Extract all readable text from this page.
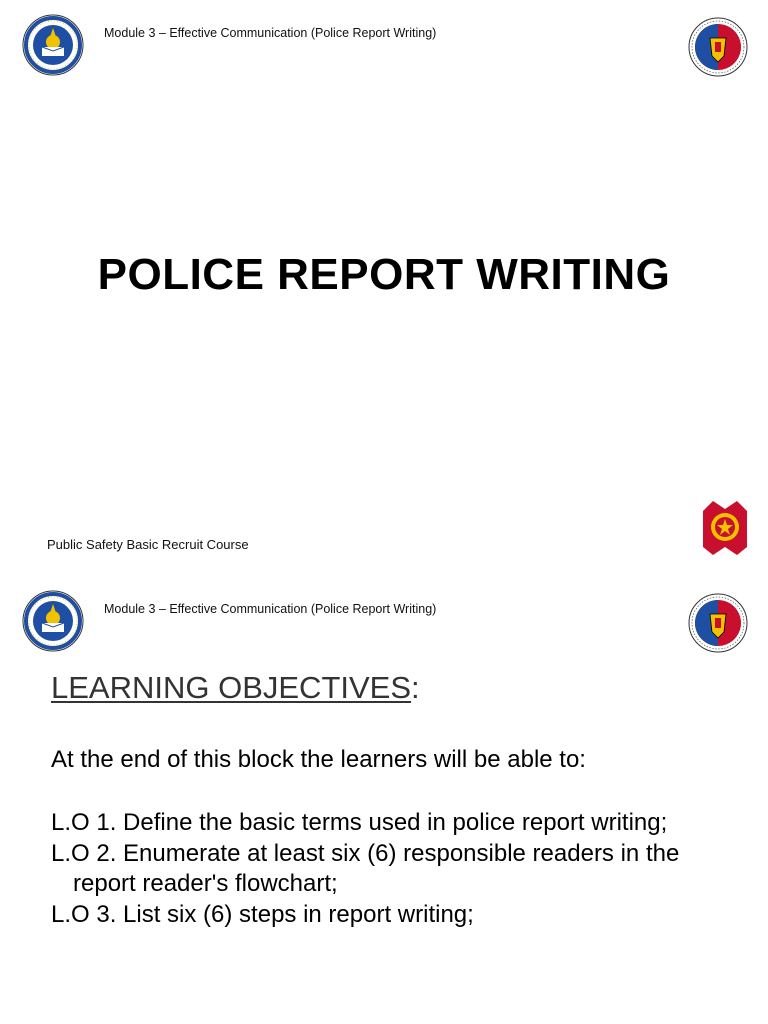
Module 3 – Effective Communication (Police Report Writing)
POLICE REPORT WRITING
Public Safety Basic Recruit Course
Module 3 – Effective Communication (Police Report Writing)
LEARNING OBJECTIVES:
At the end of this block the learners will be able to:
L.O 1. Define the basic terms used in police report writing;
L.O 2. Enumerate at least six (6) responsible readers in the report reader's flowchart;
L.O 3. List six (6) steps in report writing;
